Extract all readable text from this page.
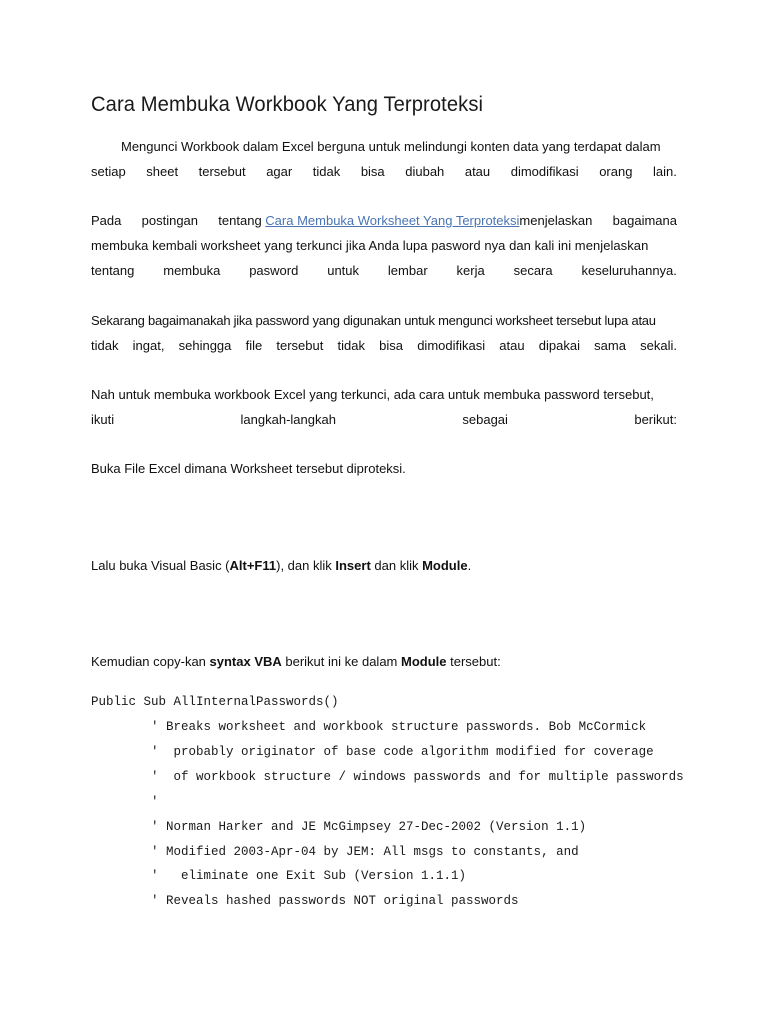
Cara Membuka Workbook Yang Terproteksi
Mengunci Workbook dalam Excel berguna untuk melindungi konten data yang terdapat dalam
setiap sheet tersebut agar tidak bisa diubah atau dimodifikasi orang lain.
Pada postingan tentang Cara Membuka Worksheet Yang Terproteksimenjelaskan bagaimana
membuka kembali worksheet yang terkunci jika Anda lupa pasword nya dan kali ini menjelaskan
tentang membuka pasword untuk lembar kerja secara keseluruhannya.
Sekarang bagaimanakah jika password yang digunakan untuk mengunci worksheet tersebut lupa atau
tidak ingat, sehingga file tersebut tidak bisa dimodifikasi atau dipakai sama sekali.
Nah untuk membuka workbook Excel yang terkunci, ada cara untuk membuka password tersebut,
ikuti	langkah-langkah	sebagai	berikut:
Buka File Excel dimana Worksheet tersebut diproteksi.
Lalu buka Visual Basic (Alt+F11), dan klik Insert dan klik Module.
Kemudian copy-kan syntax VBA berikut ini ke dalam Module tersebut:
Public Sub AllInternalPasswords()
' Breaks worksheet and workbook structure passwords. Bob McCormick
'  probably originator of base code algorithm modified for coverage
'  of workbook structure / windows passwords and for multiple passwords
'
' Norman Harker and JE McGimpsey 27-Dec-2002 (Version 1.1)
' Modified 2003-Apr-04 by JEM: All msgs to constants, and
'   eliminate one Exit Sub (Version 1.1.1)
' Reveals hashed passwords NOT original passwords
